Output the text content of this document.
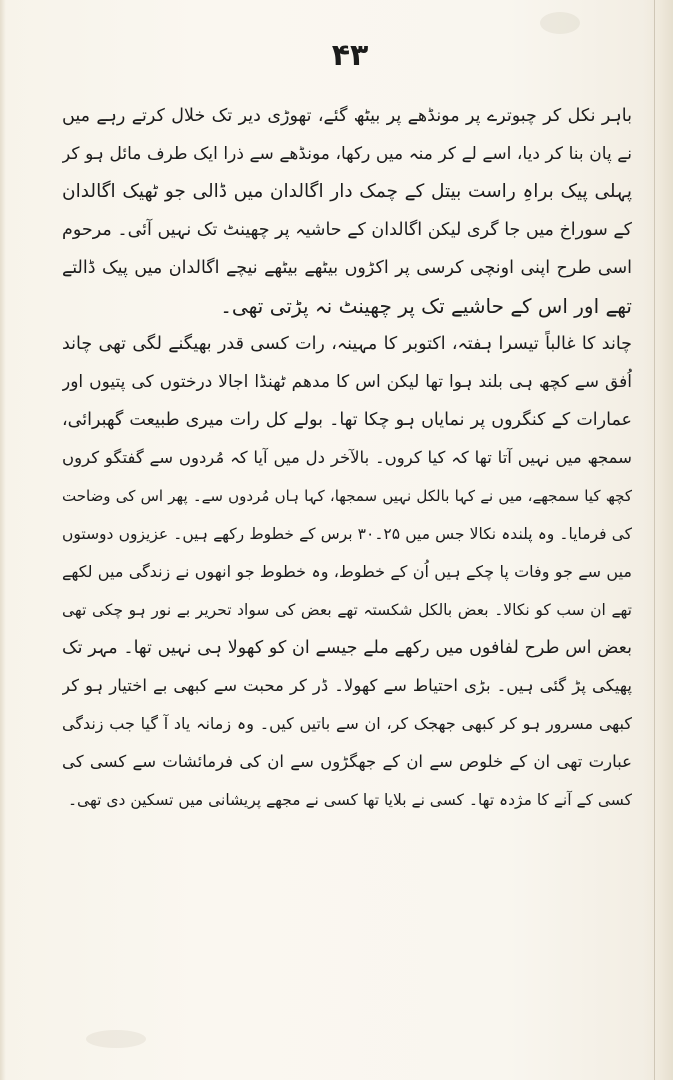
۴۳
باہر نکل کر چبوترے پر مونڈھے پر بیٹھ گئے، تھوڑی دیر تک خلال کرتے رہے میں
نے پان بنا کر دیا، اسے لے کر منہ میں رکھا، مونڈھے سے ذرا ایک طرف مائل ہو کر
پہلی پیک براہِ راست بیتل کے چمک دار اگالدان میں ڈالی جو ٹھیک اگالدان
کے سوراخ میں جا گری لیکن اگالدان کے حاشیہ پر چھینٹ تک نہیں آئی۔ مرحوم
اسی طرح اپنی اونچی کرسی پر اکڑوں بیٹھے بیٹھے نیچے اگالدان میں پیک ڈالتے
تھے اور اس کے حاشیے تک پر چھینٹ نہ پڑتی تھی۔
چاند کا غالباً تیسرا ہفتہ، اکتوبر کا مہینہ، رات کسی قدر بھیگنے لگی تھی چاند
اُفق سے کچھ ہی بلند ہوا تھا لیکن اس کا مدھم ٹھنڈا اجالا درختوں کی پتیوں اور
عمارات کے کنگروں پر نمایاں ہو چکا تھا۔ بولے کل رات میری طبیعت گھبرائی،
سمجھ میں نہیں آتا تھا کہ کیا کروں۔ بالآخر دل میں آیا کہ مُردوں سے گفتگو کروں
کچھ کیا سمجھے، میں نے کہا بالکل نہیں سمجھا، کہا ہاں مُردوں سے۔ پھر اس کی وضاحت
کی فرمایا۔ وہ پلندہ نکالا جس میں ۲۵۔۳۰ برس کے خطوط رکھے ہیں۔ عزیزوں دوستوں
میں سے جو وفات پا چکے ہیں اُن کے خطوط، وہ خطوط جو انھوں نے زندگی میں لکھے
تھے ان سب کو نکالا۔ بعض بالکل شکستہ تھے بعض کی سواد تحریر بے نور ہو چکی تھی
بعض اس طرح لفافوں میں رکھے ملے جیسے ان کو کھولا ہی نہیں تھا۔ مہر تک
پھیکی پڑ گئی ہیں۔ بڑی احتیاط سے کھولا۔ ڈر کر محبت سے کبھی بے اختیار ہو کر
کبھی مسرور ہو کر کبھی جھجک کر، ان سے باتیں کیں۔ وہ زمانہ یاد آ گیا جب زندگی
عبارت تھی ان کے خلوص سے ان کے جھگڑوں سے ان کی فرمائشات سے کسی کی
کسی کے آنے کا مژدہ تھا۔ کسی نے بلایا تھا کسی نے مجھے پریشانی میں تسکین دی تھی۔
